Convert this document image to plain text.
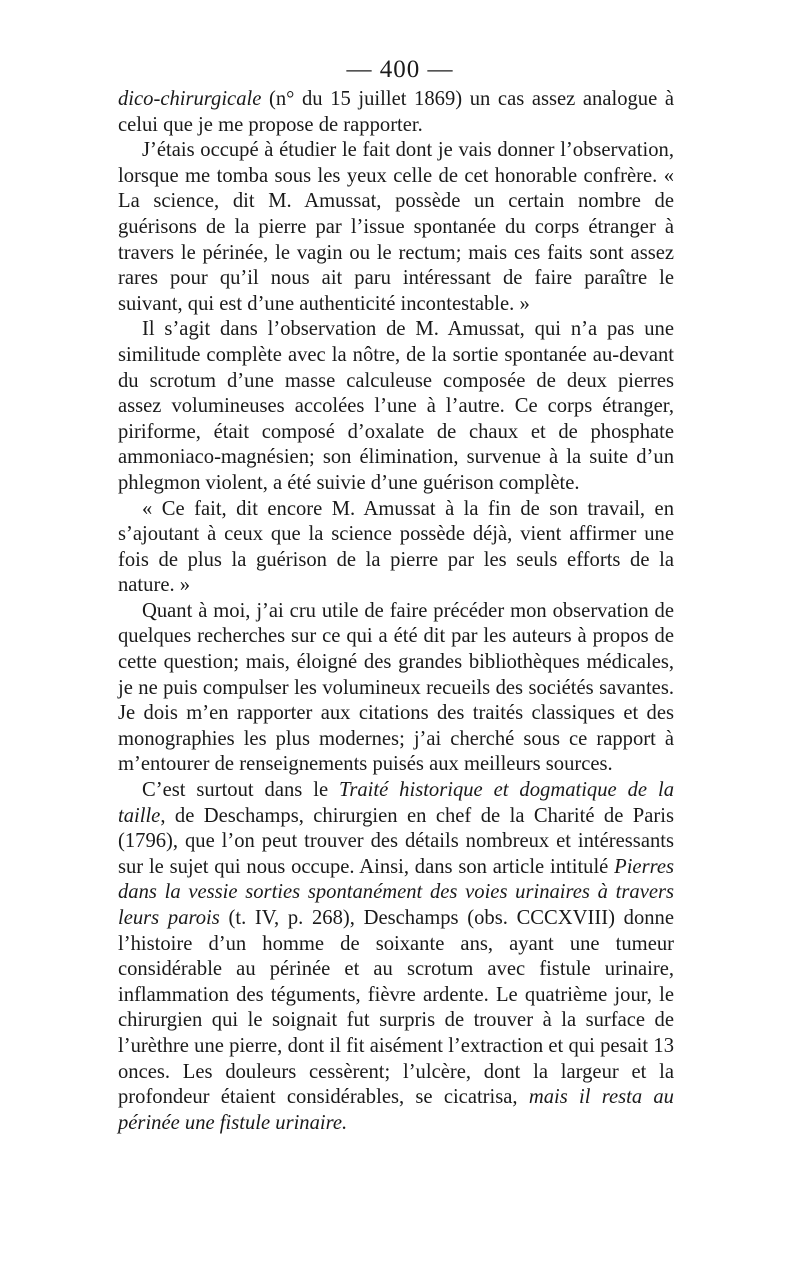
— 400 —

dico-chirurgicale (n° du 15 juillet 1869) un cas assez analogue à celui que je me propose de rapporter.

J’étais occupé à étudier le fait dont je vais donner l’observation, lorsque me tomba sous les yeux celle de cet honorable confrère. « La science, dit M. Amussat, possède un certain nombre de guérisons de la pierre par l’issue spontanée du corps étranger à travers le périnée, le vagin ou le rectum; mais ces faits sont assez rares pour qu’il nous ait paru intéressant de faire paraître le suivant, qui est d’une authenticité incontestable. »

Il s’agit dans l’observation de M. Amussat, qui n’a pas une similitude complète avec la nôtre, de la sortie spontanée au-devant du scrotum d’une masse calculeuse composée de deux pierres assez volumineuses accolées l’une à l’autre. Ce corps étranger, piriforme, était composé d’oxalate de chaux et de phosphate ammoniaco-magnésien; son élimination, survenue à la suite d’un phlegmon violent, a été suivie d’une guérison complète.

« Ce fait, dit encore M. Amussat à la fin de son travail, en s’ajoutant à ceux que la science possède déjà, vient affirmer une fois de plus la guérison de la pierre par les seuls efforts de la nature. »

Quant à moi, j’ai cru utile de faire précéder mon observation de quelques recherches sur ce qui a été dit par les auteurs à propos de cette question; mais, éloigné des grandes bibliothèques médicales, je ne puis compulser les volumineux recueils des sociétés savantes. Je dois m’en rapporter aux citations des traités classiques et des monographies les plus modernes; j’ai cherché sous ce rapport à m’entourer de renseignements puisés aux meilleurs sources.

C’est surtout dans le Traité historique et dogmatique de la taille, de Deschamps, chirurgien en chef de la Charité de Paris (1796), que l’on peut trouver des détails nombreux et intéressants sur le sujet qui nous occupe. Ainsi, dans son article intitulé Pierres dans la vessie sorties spontanément des voies urinaires à travers leurs parois (t. IV, p. 268), Deschamps (obs. CCCXVIII) donne l’histoire d’un homme de soixante ans, ayant une tumeur considérable au périnée et au scrotum avec fistule urinaire, inflammation des téguments, fièvre ardente. Le quatrième jour, le chirurgien qui le soignait fut surpris de trouver à la surface de l’urèthre une pierre, dont il fit aisément l’extraction et qui pesait 13 onces. Les douleurs cessèrent; l’ulcère, dont la largeur et la profondeur étaient considérables, se cicatrisa, mais il resta au périnée une fistule urinaire.
